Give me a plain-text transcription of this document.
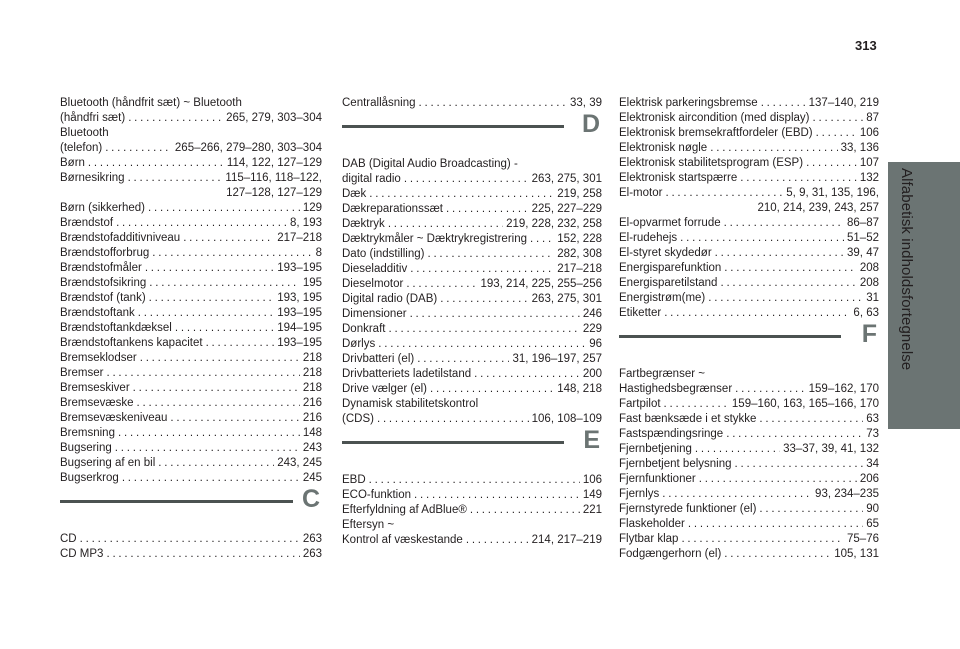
313
Alfabetisk indholdsfortegnelse
Bluetooth (håndfrit sæt) ~ Bluetooth
(håndfri sæt) . . .	265, 279, 303–304
Bluetooth
(telefon) . . .	265–266, 279–280, 303–304
Børn . . .	114, 122, 127–129
Børnesikring . . .	115–116, 118–122,
127–128, 127–129
Børn (sikkerhed) . . .	129
Brændstof . . .	8, 193
Brændstofadditivniveau . . .	217–218
Brændstofforbrug . . .	8
Brændstofmåler . . .	193–195
Brændstofsikring . . .	195
Brændstof (tank) . . .	193, 195
Brændstoftank . . .	193–195
Brændstoftankdæksel . . .	194–195
Brændstoftankens kapacitet . . .	193–195
Bremseklodser . . .	218
Bremser . . .	218
Bremseskiver . . .	218
Bremsevæske . . .	216
Bremsevæskeniveau . . .	216
Bremsning . . .	148
Bugsering . . .	243
Bugsering af en bil . . .	243, 245
Bugserkrog . . .	245
C
CD . . .	263
CD MP3 . . .	263
Centrallåsning . . .	33, 39
D
DAB (Digital Audio Broadcasting) -
digital radio . . .	263, 275, 301
Dæk . . .	219, 258
Dækreparationssæt . . .	225, 227–229
Dæktryk . . .	219, 228, 232, 258
Dæktrykmåler ~ Dæktrykregistrering . . .	152, 228
Dato (indstilling) . . .	282, 308
Dieseladditiv . . .	217–218
Dieselmotor . . .	193, 214, 225, 255–256
Digital radio (DAB) . . .	263, 275, 301
Dimensioner . . .	246
Donkraft . . .	229
Dørlys . . .	96
Drivbatteri (el) . . .	31, 196–197, 257
Drivbatteriets ladetilstand . . .	200
Drive vælger (el) . . .	148, 218
Dynamisk stabilitetskontrol
(CDS) . . .	106, 108–109
E
EBD . . .	106
ECO-funktion . . .	149
Efterfyldning af AdBlue® . . .	221
Eftersyn ~
Kontrol af væskestande . . .	214, 217–219
Elektrisk parkeringsbremse . . .	137–140, 219
Elektronisk aircondition (med display) . . .	87
Elektronisk bremsekraftfordeler (EBD) . . .	106
Elektronisk nøgle . . .	33, 136
Elektronisk stabilitetsprogram (ESP) . . .	107
Elektronisk startspærre . . .	132
El-motor . . .	5, 9, 31, 135, 196,
210, 214, 239, 243, 257
El-opvarmet forrude . . .	86–87
El-rudehejs . . .	51–52
El-styret skydedør . . .	39, 47
Energisparefunktion . . .	208
Energisparetilstand . . .	208
Energistrøm(me) . . .	31
Etiketter . . .	6, 63
F
Fartbegrænser ~
Hastighedsbegrænser . . .	159–162, 170
Fartpilot . . .	159–160, 163, 165–166, 170
Fast bænksæde i et stykke . . .	63
Fastspændingsringe . . .	73
Fjernbetjening . . .	33–37, 39, 41, 132
Fjernbetjent belysning . . .	34
Fjernfunktioner . . .	206
Fjernlys . . .	93, 234–235
Fjernstyrede funktioner (el) . . .	90
Flaskeholder . . .	65
Flytbar klap . . .	75–76
Fodgængerhorn (el) . . .	105, 131
